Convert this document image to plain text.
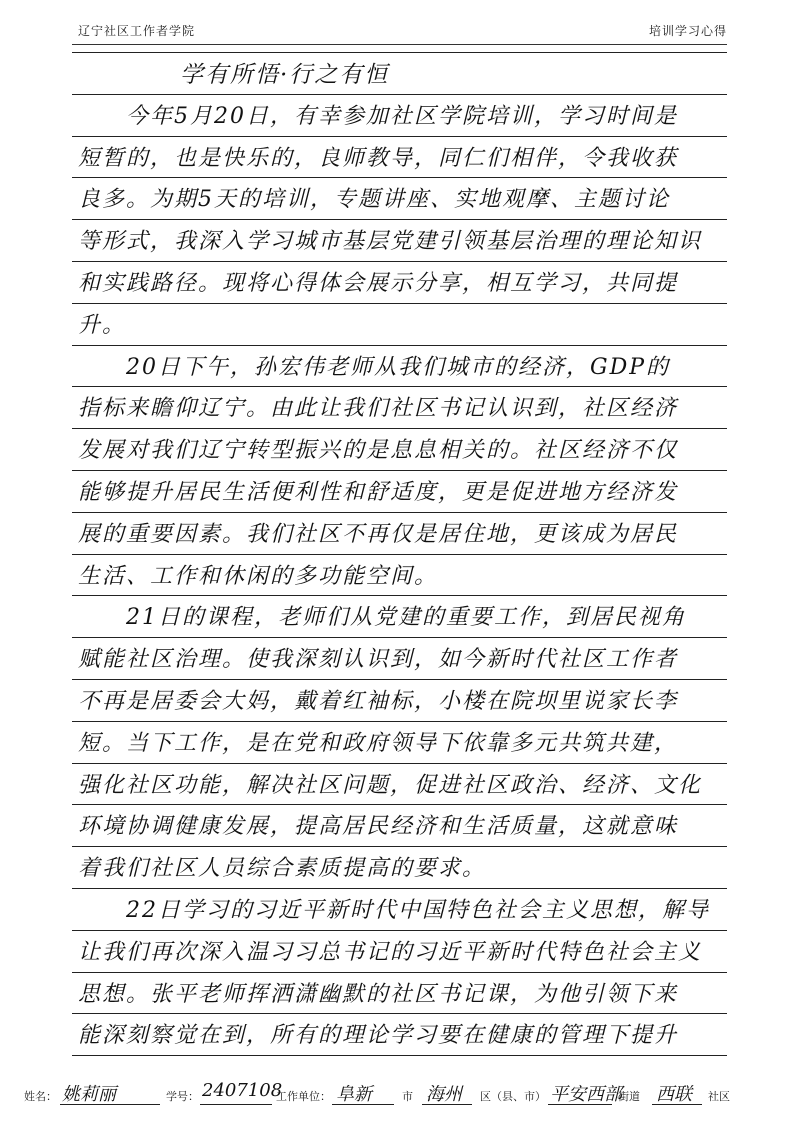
辽宁社区工作者学院	培训学习心得
学有所悟·行之有恒
　　今年5月20日，有幸参加社区学院培训，学习时间是
短暂的，也是快乐的，良师教导，同仁们相伴，令我收获
良多。为期5天的培训，专题讲座、实地观摩、主题讨论
等形式，我深入学习城市基层党建引领基层治理的理论知识
和实践路径。现将心得体会展示分享，相互学习，共同提
升。
　　20日下午，孙宏伟老师从我们城市的经济，GDP的
指标来瞻仰辽宁。由此让我们社区书记认识到，社区经济
发展对我们辽宁转型振兴的是息息相关的。社区经济不仅
能够提升居民生活便利性和舒适度，更是促进地方经济发
展的重要因素。我们社区不再仅是居住地，更该成为居民
生活、工作和休闲的多功能空间。
　　21日的课程，老师们从党建的重要工作，到居民视角
赋能社区治理。使我深刻认识到，如今新时代社区工作者
不再是居委会大妈，戴着红袖标，小楼在院坝里说家长李
短。当下工作，是在党和政府领导下依靠多元共筑共建，
强化社区功能，解决社区问题，促进社区政治、经济、文化
环境协调健康发展，提高居民经济和生活质量，这就意味
着我们社区人员综合素质提高的要求。
　　22日学习的习近平新时代中国特色社会主义思想，解导
让我们再次深入温习习总书记的习近平新时代特色社会主义
思想。张平老师挥洒潇幽默的社区书记课，为他引领下来
能深刻察觉在到，所有的理论学习要在健康的管理下提升
姓名： 姚莉丽	学号： 2407108
工作单位： 阜新	市 海州 区（县、市） 平安西部
街道 西联 社区
